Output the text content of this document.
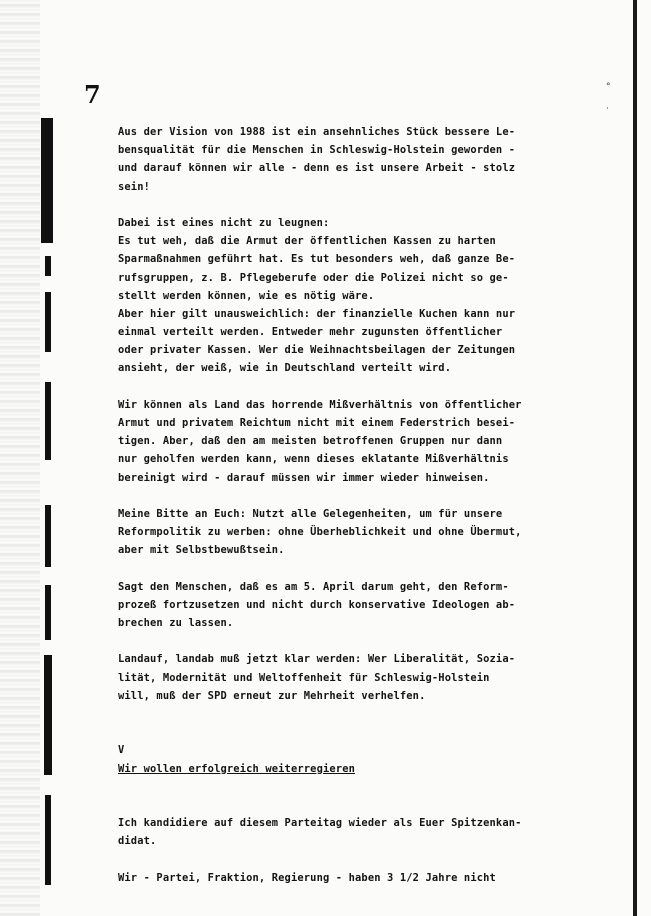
°
·
7
Aus der Vision von 1988 ist ein ansehnliches Stück bessere Le-
bensqualität für die Menschen in Schleswig-Holstein geworden -
und darauf können wir alle - denn es ist unsere Arbeit - stolz
sein!
Dabei ist eines nicht zu leugnen:
Es tut weh, daß die Armut der öffentlichen Kassen zu harten
Sparmaßnahmen geführt hat. Es tut besonders weh, daß ganze Be-
rufsgruppen, z. B. Pflegeberufe oder die Polizei nicht so ge-
stellt werden können, wie es nötig wäre.
Aber hier gilt unausweichlich: der finanzielle Kuchen kann nur
einmal verteilt werden. Entweder mehr zugunsten öffentlicher
oder privater Kassen. Wer die Weihnachtsbeilagen der Zeitungen
ansieht, der weiß, wie in Deutschland verteilt wird.
Wir können als Land das horrende Mißverhältnis von öffentlicher
Armut und privatem Reichtum nicht mit einem Federstrich besei-
tigen. Aber, daß den am meisten betroffenen Gruppen nur dann
nur geholfen werden kann, wenn dieses eklatante Mißverhältnis
bereinigt wird - darauf müssen wir immer wieder hinweisen.
Meine Bitte an Euch: Nutzt alle Gelegenheiten, um für unsere
Reformpolitik zu werben: ohne Überheblichkeit und ohne Übermut,
aber mit Selbstbewußtsein.
Sagt den Menschen, daß es am 5. April darum geht, den Reform-
prozeß fortzusetzen und nicht durch konservative Ideologen ab-
brechen zu lassen.
Landauf, landab muß jetzt klar werden: Wer Liberalität, Sozia-
lität, Modernität und Weltoffenheit für Schleswig-Holstein
will, muß der SPD erneut zur Mehrheit verhelfen.
V
Wir wollen erfolgreich weiterregieren
Ich kandidiere auf diesem Parteitag wieder als Euer Spitzenkan-
didat.
Wir - Partei, Fraktion, Regierung - haben 3 1/2 Jahre nicht
